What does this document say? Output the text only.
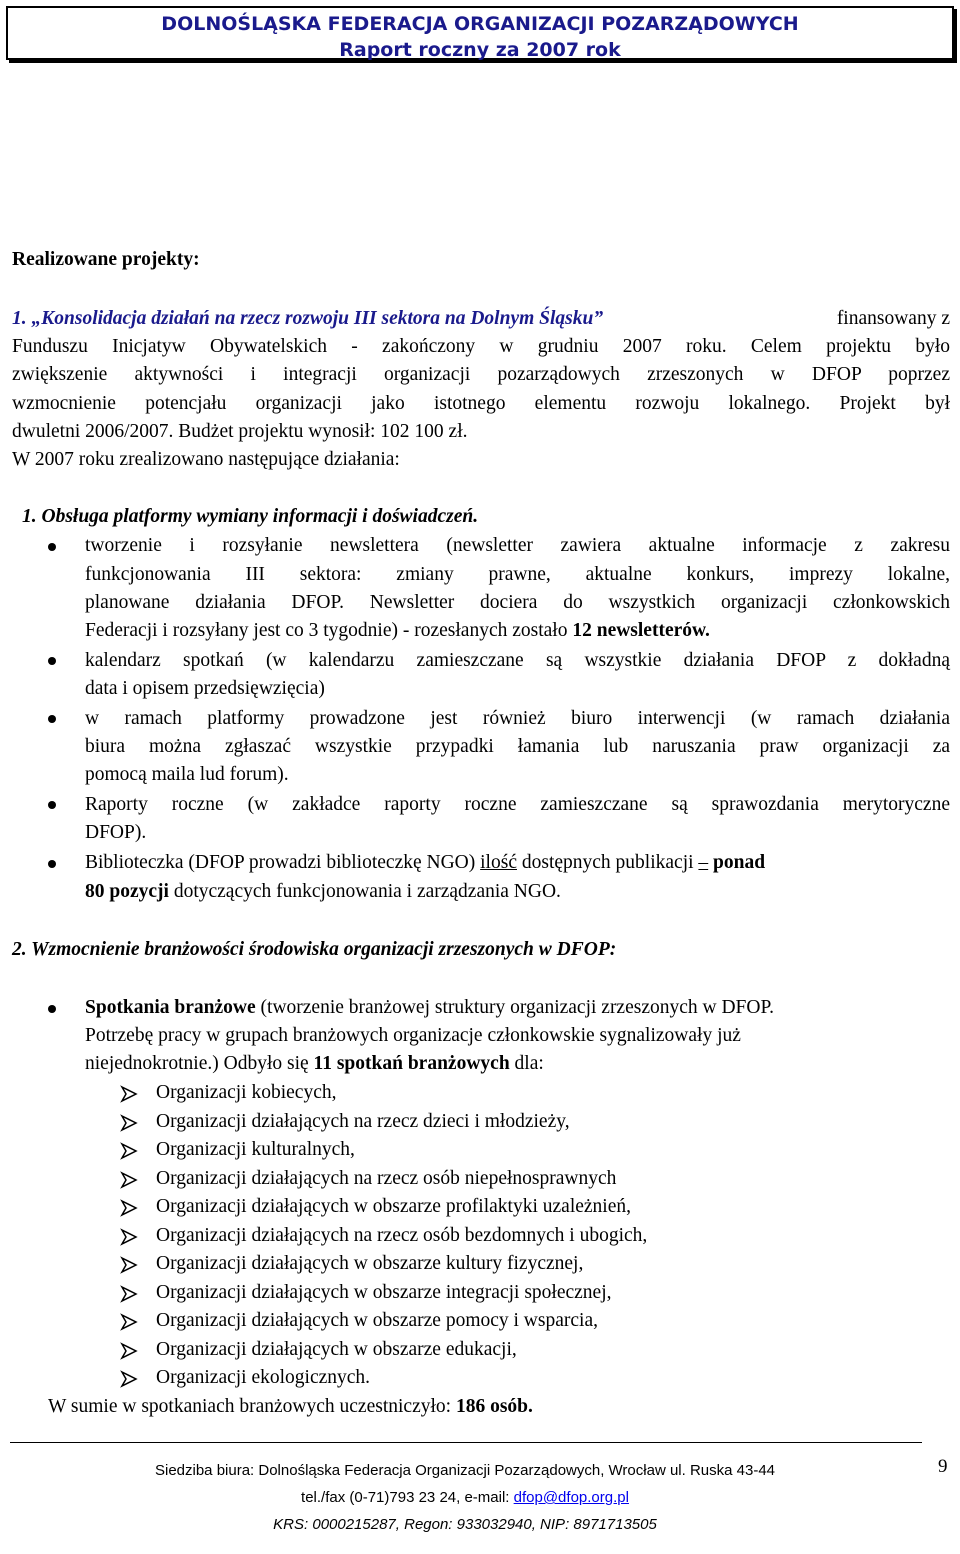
DOLNOŚLĄSKA FEDERACJA ORGANIZACJI POZARZĄDOWYCH
Raport roczny za 2007 rok
Realizowane projekty:
1. „Konsolidacja działań na rzecz rozwoju III sektora na Dolnym Śląsku”	finansowany z
Funduszu Inicjatyw Obywatelskich - zakończony w grudniu 2007 roku. Celem projektu było
zwiększenie aktywności i integracji organizacji pozarządowych zrzeszonych w DFOP poprzez
wzmocnienie potencjału organizacji jako istotnego elementu rozwoju lokalnego. Projekt był
dwuletni 2006/2007. Budżet projektu wynosił: 102 100 zł.
W 2007 roku zrealizowano następujące działania:
1. Obsługa platformy wymiany informacji i doświadczeń.
tworzenie i rozsyłanie newslettera (newsletter zawiera aktualne informacje z zakresu
funkcjonowania III sektora: zmiany prawne, aktualne konkurs, imprezy lokalne,
planowane działania DFOP. Newsletter dociera do wszystkich organizacji członkowskich
Federacji i rozsyłany jest co 3 tygodnie) - rozesłanych zostało 12 newsletterów.
kalendarz spotkań (w kalendarzu zamieszczane są wszystkie działania DFOP z dokładną
data i opisem przedsięwzięcia)
w ramach platformy prowadzone jest również biuro interwencji (w ramach działania
biura można zgłaszać wszystkie przypadki łamania lub naruszania praw organizacji za
pomocą maila lud forum).
Raporty roczne (w zakładce raporty roczne zamieszczane są sprawozdania merytoryczne
DFOP).
Biblioteczka (DFOP prowadzi biblioteczkę NGO) ilość dostępnych publikacji – ponad
80 pozycji dotyczących funkcjonowania i zarządzania NGO.
2. Wzmocnienie branżowości środowiska organizacji zrzeszonych w DFOP:
Spotkania branżowe (tworzenie branżowej struktury organizacji zrzeszonych w DFOP.
Potrzebę pracy w grupach branżowych organizacje członkowskie sygnalizowały już
niejednokrotnie.) Odbyło się 11 spotkań branżowych dla:
Organizacji kobiecych,
Organizacji działających na rzecz dzieci i młodzieży,
Organizacji kulturalnych,
Organizacji działających na rzecz osób niepełnosprawnych
Organizacji działających w obszarze profilaktyki uzależnień,
Organizacji działających na rzecz osób bezdomnych i ubogich,
Organizacji działających w obszarze kultury fizycznej,
Organizacji działających w obszarze integracji społecznej,
Organizacji działających w obszarze pomocy i wsparcia,
Organizacji działających w obszarze edukacji,
Organizacji ekologicznych.
W sumie w spotkaniach branżowych uczestniczyło: 186 osób.
Siedziba biura: Dolnośląska Federacja Organizacji Pozarządowych, Wrocław ul. Ruska 43-44
tel./fax (0-71)793 23 24, e-mail: dfop@dfop.org.pl
KRS: 0000215287, Regon: 933032940, NIP: 8971713505
9
